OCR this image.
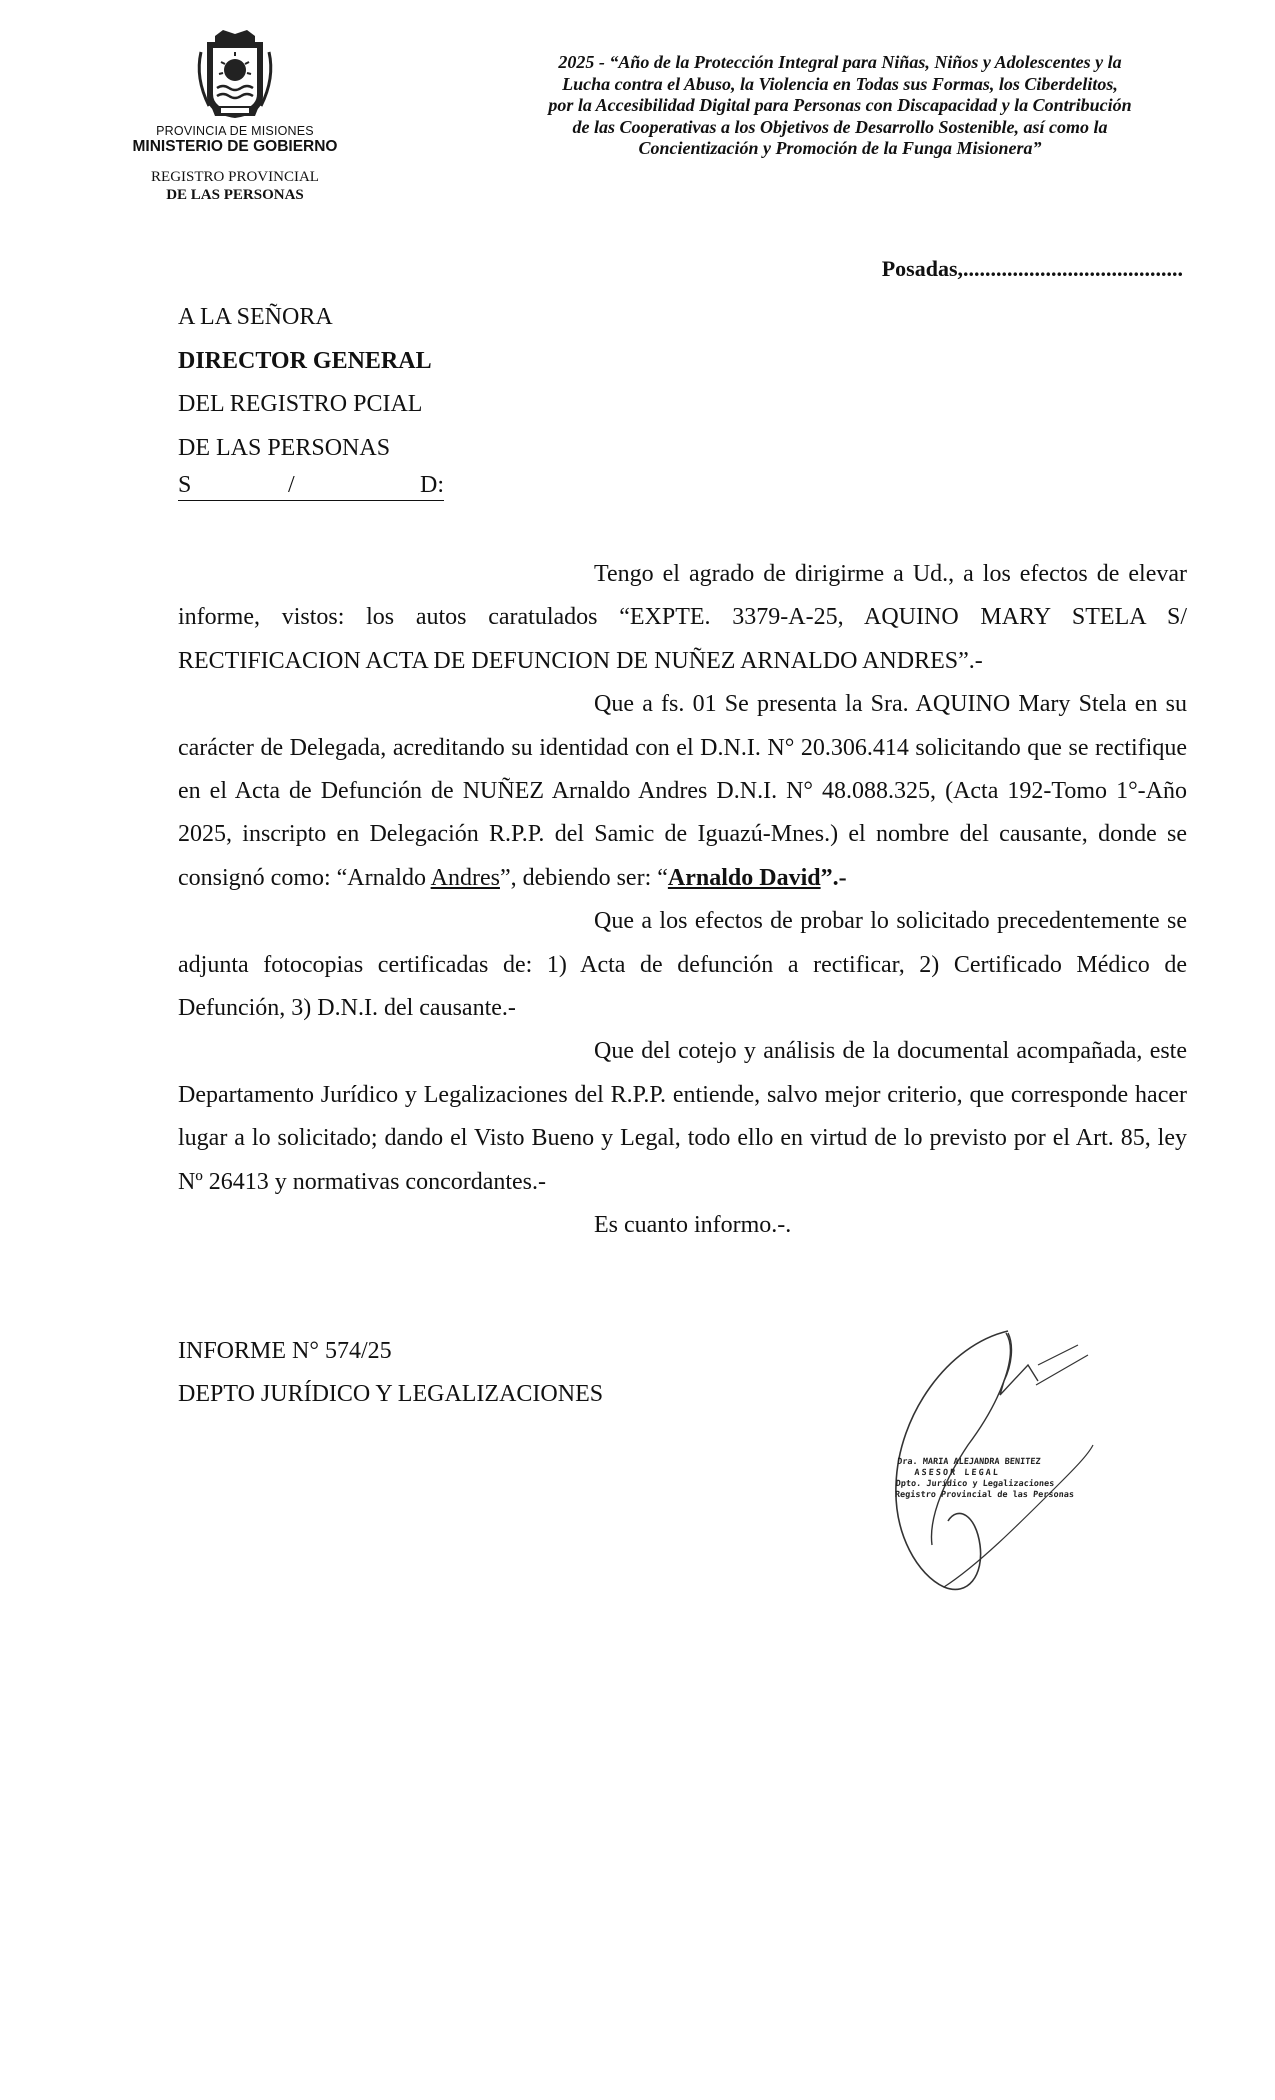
PROVINCIA DE MISIONES
MINISTERIO DE GOBIERNO
REGISTRO PROVINCIAL
DE LAS PERSONAS
2025 - “Año de la Protección Integral para Niñas, Niños y Adolescentes y la
Lucha contra el Abuso, la Violencia en Todas sus Formas, los Ciberdelitos,
por la Accesibilidad Digital para Personas con Discapacidad y la Contribución
de las Cooperativas a los Objetivos de Desarrollo Sostenible, así como la
Concientización y Promoción de la Funga Misionera”
Posadas,........................................
A LA SEÑORA
DIRECTOR GENERAL
DEL REGISTRO PCIAL
DE LAS PERSONAS
S	/	D:

Tengo el agrado de dirigirme a Ud., a los efectos de elevar informe, vistos: los autos caratulados “EXPTE. 3379-A-25, AQUINO MARY STELA S/ RECTIFICACION ACTA DE DEFUNCION DE NUÑEZ ARNALDO ANDRES”.-

Que a fs. 01 Se presenta la Sra. AQUINO Mary Stela en su carácter de Delegada, acreditando su identidad con el D.N.I. N° 20.306.414 solicitando que se rectifique en el Acta de Defunción de NUÑEZ Arnaldo Andres D.N.I. N° 48.088.325, (Acta 192-Tomo 1°-Año 2025, inscripto en Delegación R.P.P. del Samic de Iguazú-Mnes.) el nombre del causante, donde se consignó como: “Arnaldo Andres”, debiendo ser: “Arnaldo David”.-

Que a los efectos de probar lo solicitado precedentemente se adjunta fotocopias certificadas de: 1) Acta de defunción a rectificar, 2) Certificado Médico de Defunción, 3) D.N.I. del causante.-

Que del cotejo y análisis de la documental acompañada, este Departamento Jurídico y Legalizaciones del R.P.P. entiende, salvo mejor criterio, que corresponde hacer lugar a lo solicitado; dando el Visto Bueno y Legal, todo ello en virtud de lo previsto por el Art. 85, ley Nº 26413 y normativas concordantes.-

Es cuanto informo.-.

INFORME N° 574/25
DEPTO JURÍDICO Y LEGALIZACIONES
Dra. MARIA ALEJANDRA BENITEZ
ASESOR LEGAL
Dpto. Jurídico y Legalizaciones
Registro Provincial de las Personas
